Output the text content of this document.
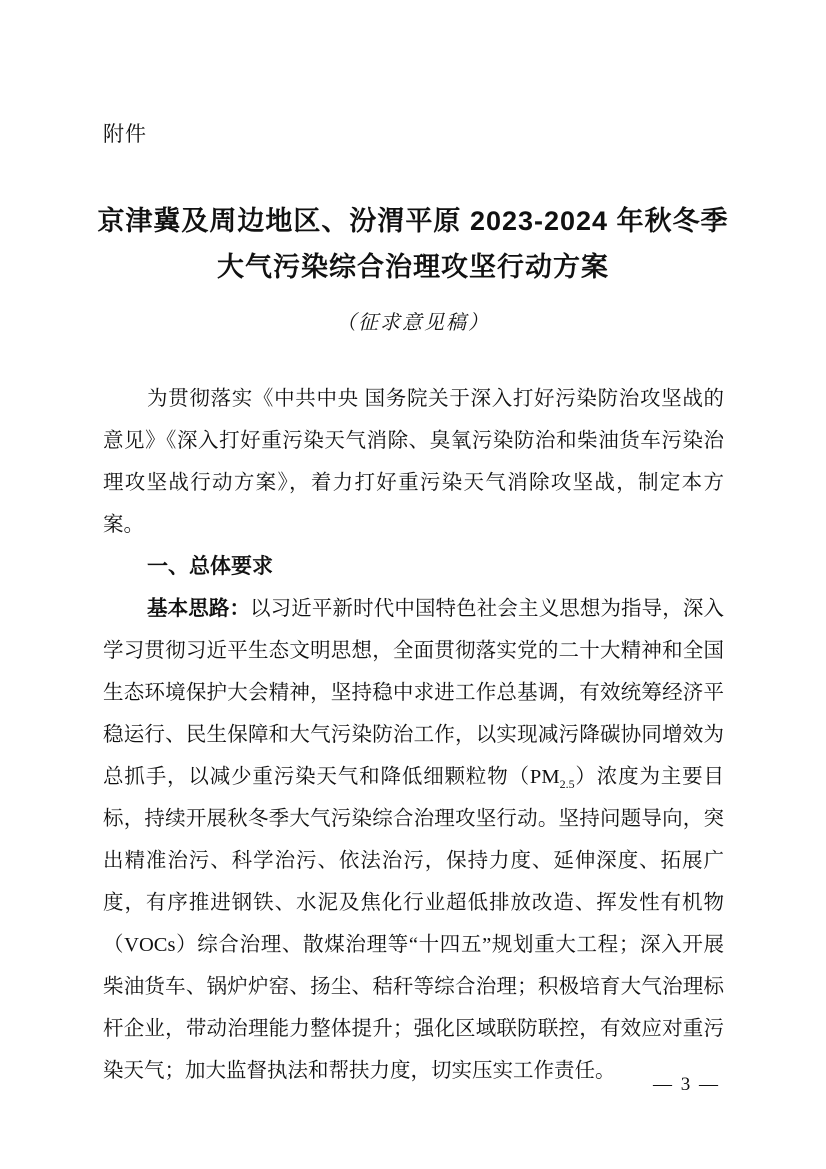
附件
京津冀及周边地区、汾渭平原 2023-2024 年秋冬季
大气污染综合治理攻坚行动方案
（征求意见稿）

为贯彻落实《中共中央 国务院关于深入打好污染防治攻坚战的意见》《深入打好重污染天气消除、臭氧污染防治和柴油货车污染治理攻坚战行动方案》，着力打好重污染天气消除攻坚战，制定本方案。

一、总体要求

基本思路：以习近平新时代中国特色社会主义思想为指导，深入学习贯彻习近平生态文明思想，全面贯彻落实党的二十大精神和全国生态环境保护大会精神，坚持稳中求进工作总基调，有效统筹经济平稳运行、民生保障和大气污染防治工作，以实现减污降碳协同增效为总抓手，以减少重污染天气和降低细颗粒物$(PM_{2.5})$浓度为主要目标，持续开展秋冬季大气污染综合治理攻坚行动。坚持问题导向，突出精准治污、科学治污、依法治污，保持力度、延伸深度、拓展广度，有序推进钢铁、水泥及焦化行业超低排放改造、挥发性有机物（VOCs）综合治理、散煤治理等“十四五”规划重大工程；深入开展柴油货车、锅炉炉窑、扬尘、秸秆等综合治理；积极培育大气治理标杆企业，带动治理能力整体提升；强化区域联防联控，有效应对重污染天气；加大监督执法和帮扶力度，切实压实工作责任。

— 3 —
